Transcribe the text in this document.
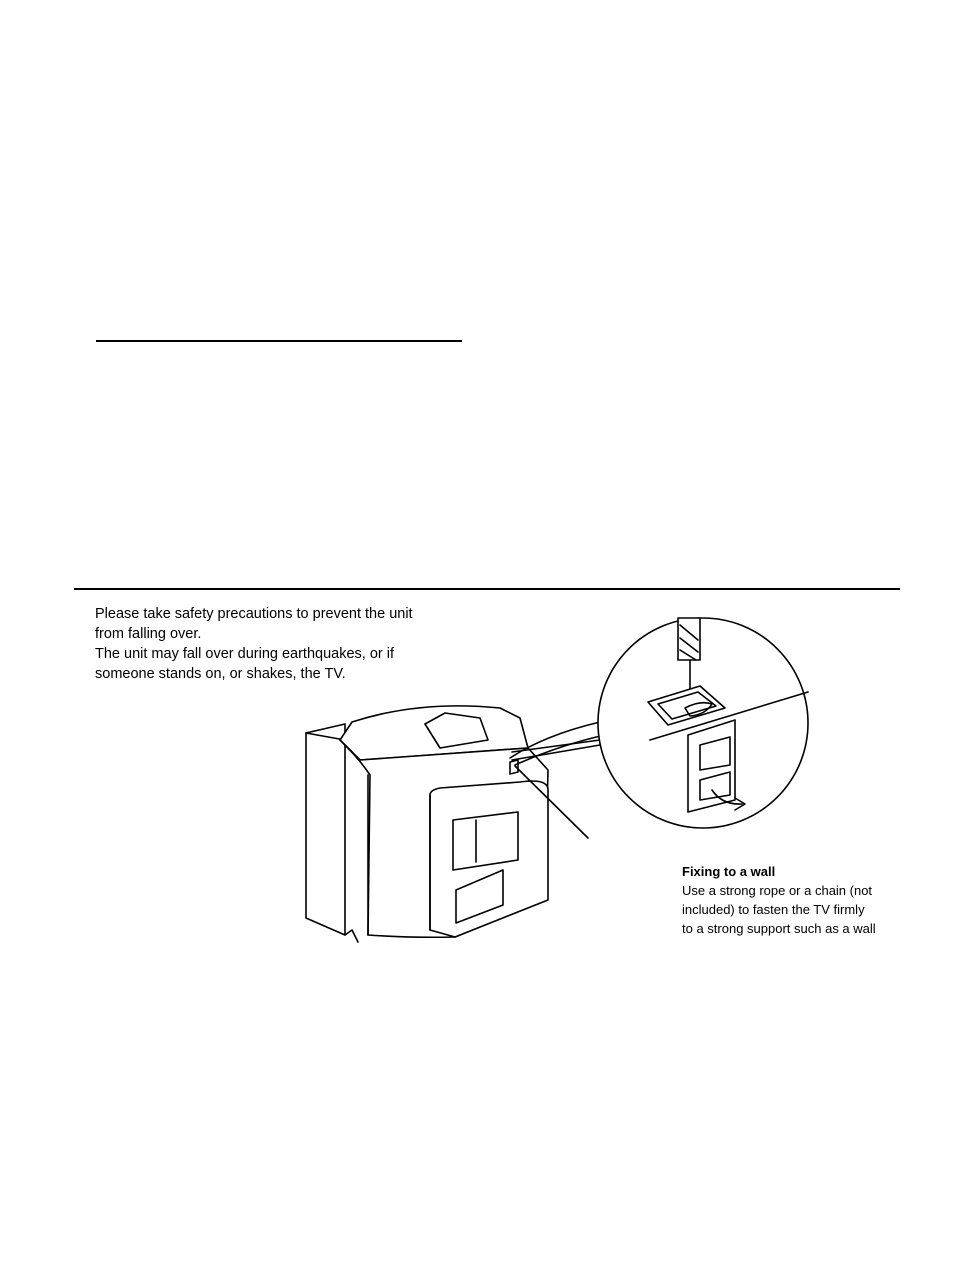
Please take safety precautions to prevent the unit

from falling over.

The unit may fall over during earthquakes, or if

someone stands on, or shakes, the TV.

Fixing to a wall

Use a strong rope or a chain (not

included) to fasten the TV firmly

to a strong support such as a wall
